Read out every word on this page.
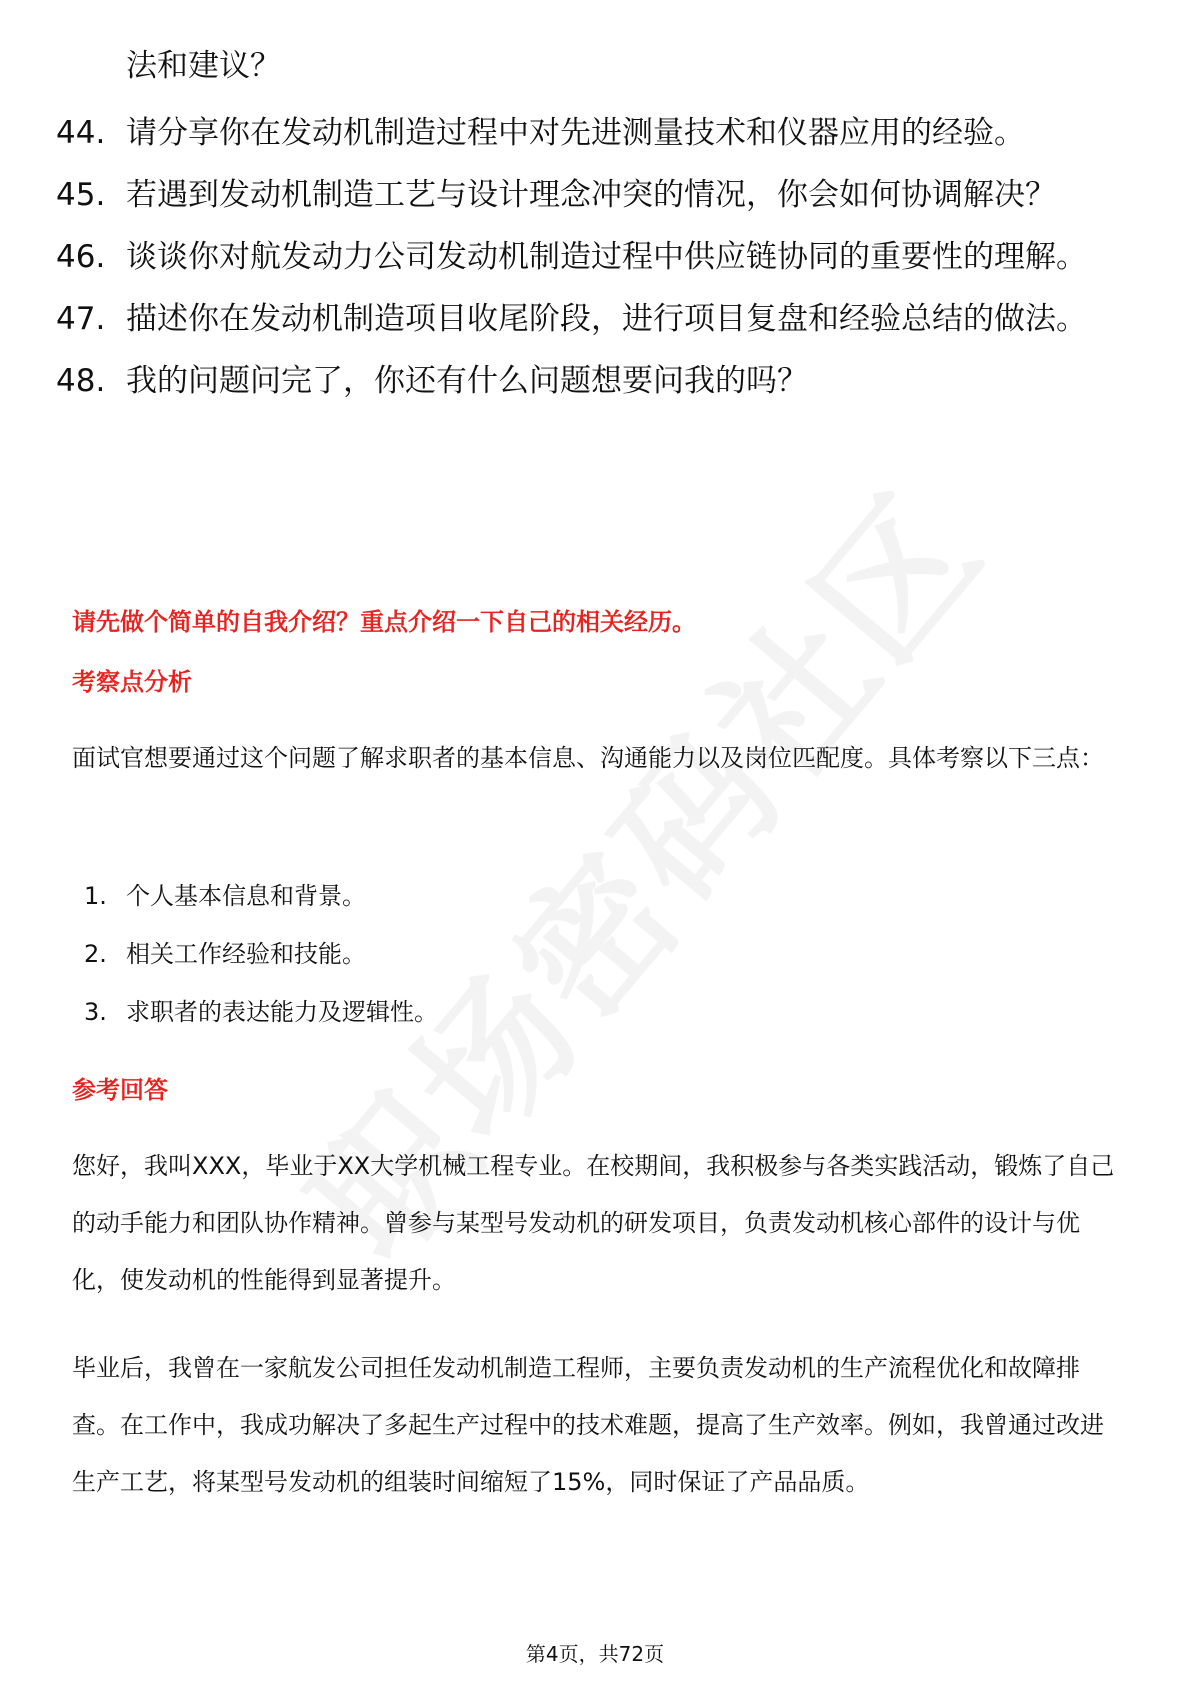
法和建议？

44. 请分享你在发动机制造过程中对先进测量技术和仪器应用的经验。
45. 若遇到发动机制造工艺与设计理念冲突的情况，你会如何协调解决？
46. 谈谈你对航发动力公司发动机制造过程中供应链协同的重要性的理解。
47. 描述你在发动机制造项目收尾阶段，进行项目复盘和经验总结的做法。
48. 我的问题问完了，你还有什么问题想要问我的吗？

请先做个简单的自我介绍？重点介绍一下自己的相关经历。

考察点分析

面试官想要通过这个问题了解求职者的基本信息、沟通能力以及岗位匹配度。具体考察以下三点：

1. 个人基本信息和背景。
2. 相关工作经验和技能。
3. 求职者的表达能力及逻辑性。

参考回答

您好，我叫XXX，毕业于XX大学机械工程专业。在校期间，我积极参与各类实践活动，锻炼了自己的动手能力和团队协作精神。曾参与某型号发动机的研发项目，负责发动机核心部件的设计与优化，使发动机的性能得到显著提升。

毕业后，我曾在一家航发公司担任发动机制造工程师，主要负责发动机的生产流程优化和故障排查。在工作中，我成功解决了多起生产过程中的技术难题，提高了生产效率。例如，我曾通过改进生产工艺，将某型号发动机的组装时间缩短了15%，同时保证了产品品质。

第4页，共72页
